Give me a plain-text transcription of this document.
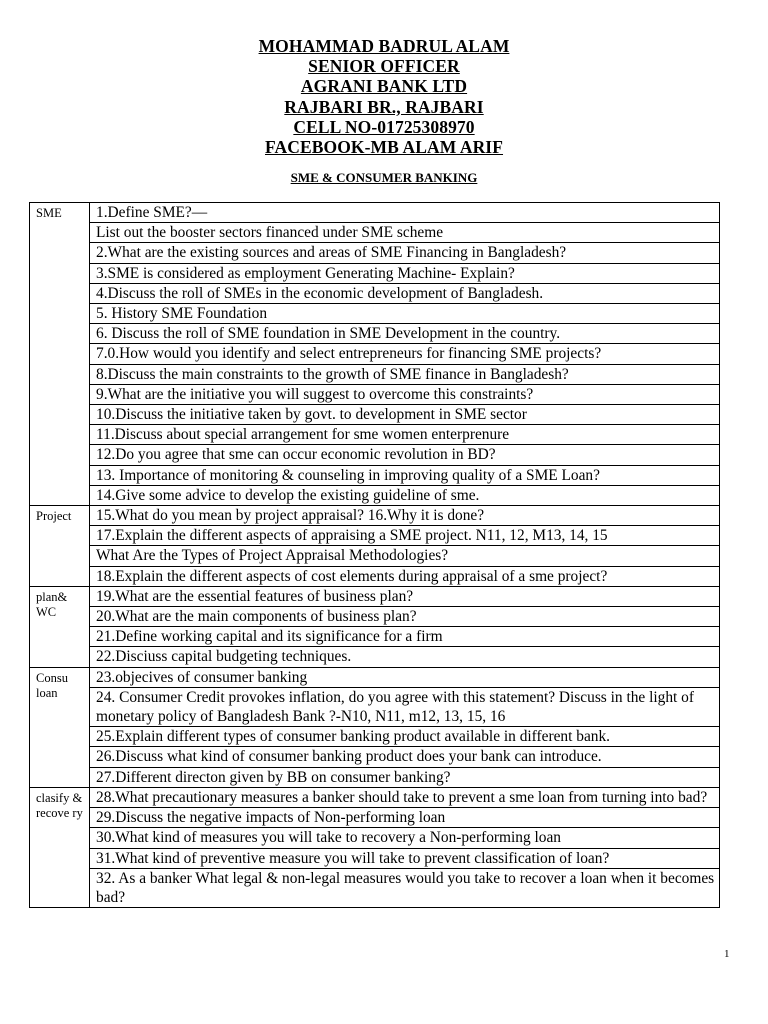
MOHAMMAD BADRUL ALAM
SENIOR OFFICER
AGRANI BANK LTD
RAJBARI BR., RAJBARI
CELL NO-01725308970
FACEBOOK-MB ALAM ARIF
SME & CONSUMER BANKING
SME	1.Define SME?—
	List out the booster sectors financed under SME scheme
	2.What are the existing sources and areas of SME Financing in Bangladesh?
	3.SME is considered as employment Generating Machine- Explain?
	4.Discuss the roll of SMEs in the economic development of Bangladesh.
	5. History SME Foundation
	6. Discuss the roll of SME foundation in SME Development in the country.
	7.0.How would you identify and select entrepreneurs for financing SME projects?
	8.Discuss the main constraints to the growth of SME finance in Bangladesh?
	9.What are the initiative you will suggest to overcome this constraints?
	10.Discuss the initiative taken by govt. to development in SME sector
	11.Discuss about special arrangement for sme women enterprenure
	12.Do you agree that sme can occur economic revolution in BD?
	13. Importance of monitoring & counseling in improving quality of a SME Loan?
	14.Give some advice to develop the existing guideline of sme.
Project	15.What do you mean by project appraisal? 16.Why it is done?
	17.Explain the different aspects of appraising a SME project. N11, 12, M13, 14, 15
	What Are the Types of Project Appraisal Methodologies?
	18.Explain the different aspects of cost elements during appraisal of a sme project?
plan& WC	19.What are the essential features of business plan?
	20.What are the main components of business plan?
	21.Define working capital and its significance for a firm
	22.Disciuss capital budgeting techniques.
Consu loan	23.objecives of consumer banking
	24. Consumer Credit provokes inflation, do you agree with this statement? Discuss in the light of monetary policy of Bangladesh Bank ?-N10, N11, m12, 13, 15, 16
	25.Explain different types of consumer banking product available in different bank.
	26.Discuss what kind of consumer banking product does your bank can introduce.
	27.Different directon given by BB on consumer banking?
clasify & recove ry	28.What precautionary measures a banker should take to prevent a sme loan from turning into bad?
	29.Discuss the negative impacts of Non-performing loan
	30.What kind of measures you will take to recovery a Non-performing loan
	31.What kind of preventive measure you will take to prevent classification of loan?
	32. As a banker What legal & non-legal measures would you take to recover a loan when it becomes bad?
1
